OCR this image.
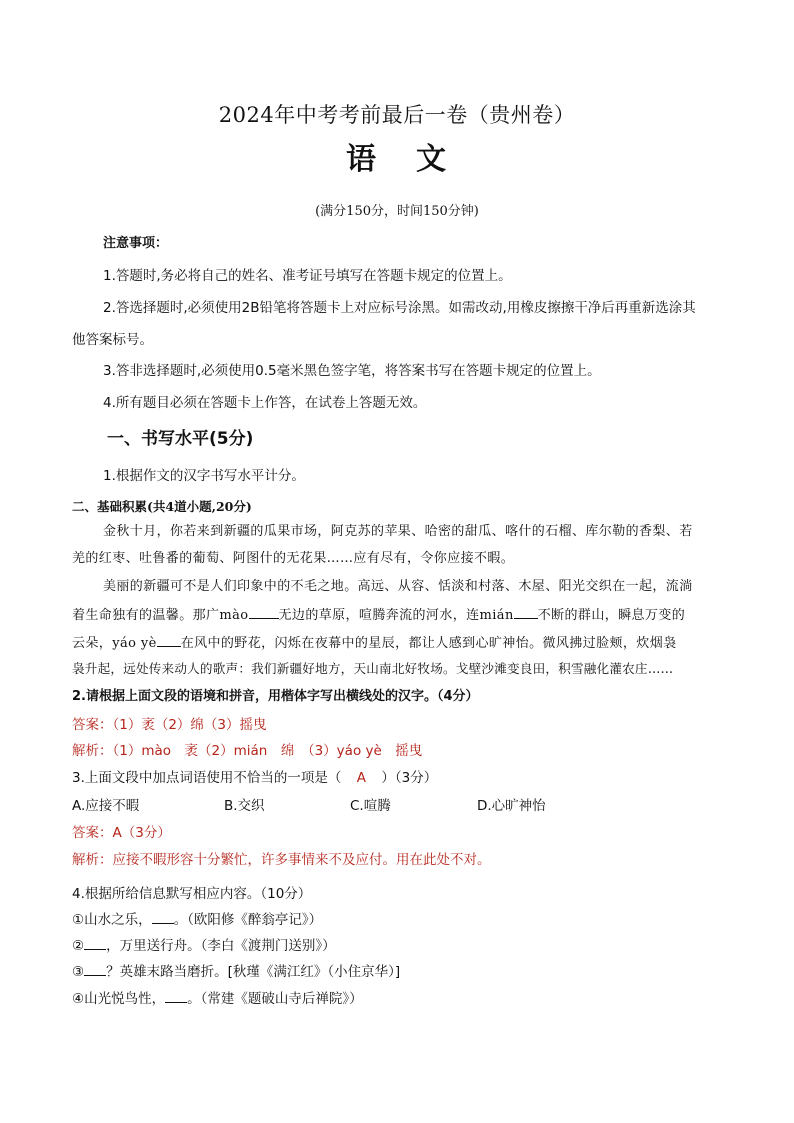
2024年中考考前最后一卷（贵州卷）
语 文
(满分150分，时间150分钟)
注意事项：
1.答题时,务必将自己的姓名、准考证号填写在答题卡规定的位置上。
2.答选择题时,必须使用2B铅笔将答题卡上对应标号涂黑。如需改动,用橡皮擦擦干净后再重新选涂其
他答案标号。
3.答非选择题时,必须使用0.5毫米黑色签字笔，将答案书写在答题卡规定的位置上。
4.所有题目必须在答题卡上作答，在试卷上答题无效。
一、书写水平(5分)
1.根据作文的汉字书写水平计分。
二、基础积累(共4道小题,20分)
金秋十月，你若来到新疆的瓜果市场，阿克苏的苹果、哈密的甜瓜、喀什的石榴、库尔勒的香梨、若
羌的红枣、吐鲁番的葡萄、阿图什的无花果……应有尽有，令你应接不暇。
美丽的新疆可不是人们印象中的不毛之地。高远、从容、恬淡和村落、木屋、阳光交织在一起，流淌
着生命独有的温馨。那广mào 无边的草原，喧腾奔流的河水，连mián 不断的群山，瞬息万变的
云朵，yáo yè 在风中的野花，闪烁在夜幕中的星辰，都让人感到心旷神怡。微风拂过脸颊，炊烟袅
袅升起，远处传来动人的歌声：我们新疆好地方，天山南北好牧场。戈壁沙滩变良田，积雪融化灌农庄……
2.请根据上面文段的语境和拼音，用楷体字写出横线处的汉字。（4分）
答案：（1）袤（2）绵（3）摇曳
解析：（1）mào　袤（2）mián　绵　（3）yáo yè　摇曳
3.上面文段中加点词语使用不恰当的一项是（ A ）（3分）
A.应接不暇	B.交织	C.喧腾	D.心旷神怡
答案：A（3分）
解析：应接不暇形容十分繁忙，许多事情来不及应付。用在此处不对。
4.根据所给信息默写相应内容。（10分）
①山水之乐， 。（欧阳修《醉翁亭记》）
② ，万里送行舟。（李白《渡荆门送别》）
③ ？英雄末路当磨折。[秋瑾《满江红》（小住京华）]
④山光悦鸟性， 。（常建《题破山寺后禅院》）
